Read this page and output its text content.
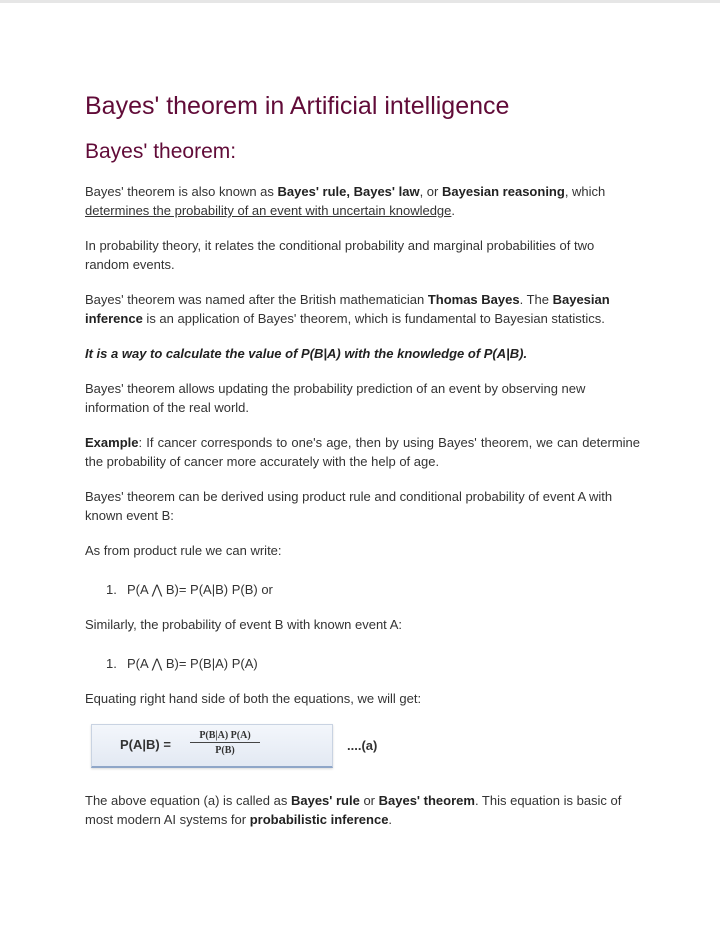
Bayes' theorem in Artificial intelligence
Bayes' theorem:

Bayes' theorem is also known as Bayes' rule, Bayes' law, or Bayesian reasoning, which determines the probability of an event with uncertain knowledge.

In probability theory, it relates the conditional probability and marginal probabilities of two random events.

Bayes' theorem was named after the British mathematician Thomas Bayes. The Bayesian inference is an application of Bayes' theorem, which is fundamental to Bayesian statistics.

It is a way to calculate the value of P(B|A) with the knowledge of P(A|B).

Bayes' theorem allows updating the probability prediction of an event by observing new information of the real world.

Example: If cancer corresponds to one's age, then by using Bayes' theorem, we can determine the probability of cancer more accurately with the help of age.

Bayes' theorem can be derived using product rule and conditional probability of event A with known event B:

As from product rule we can write:

1. P(A ⋀ B)= P(A|B) P(B) or

Similarly, the probability of event B with known event A:

1. P(A ⋀ B)= P(B|A) P(A)

Equating right hand side of both the equations, we will get:

$P(A|B) = \frac{P(B|A) P(A)}{P(B)}$	....(a)

The above equation (a) is called as Bayes' rule or Bayes' theorem. This equation is basic of most modern AI systems for probabilistic inference.
